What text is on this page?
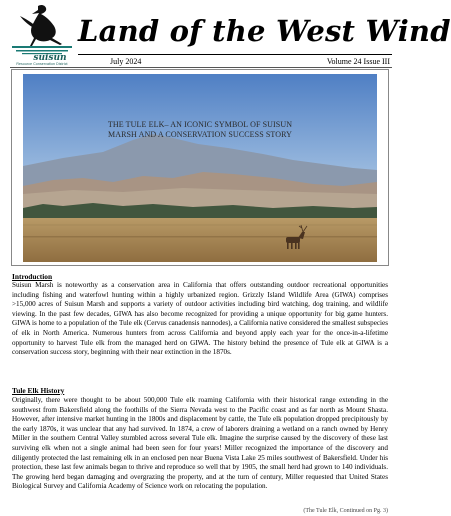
suisun
Resource Conservation District
Land of the West Wind
July 2024	Volume 24 Issue III
THE TULE ELK– AN ICONIC SYMBOL OF SUISUN
MARSH AND A CONSERVATION SUCCESS STORY
Introduction

Suisun Marsh is noteworthy as a conservation area in California that offers outstanding outdoor recreational opportunities including fishing and waterfowl hunting within a highly urbanized region. Grizzly Island Wildlife Area (GIWA) comprises >15,000 acres of Suisun Marsh and supports a variety of outdoor activities including bird watching, dog training, and wildlife viewing. In the past few decades, GIWA has also become recognized for providing a unique opportunity for big game hunters. GIWA is home to a population of the Tule elk (Cervus canadensis nannodes), a California native considered the smallest subspecies of elk in North America. Numerous hunters from across California and beyond apply each year for the once-in-a-lifetime opportunity to harvest Tule elk from the managed herd on GIWA. The history behind the presence of Tule elk at GIWA is a conservation success story, beginning with their near extinction in the 1870s.

Tule Elk History

Originally, there were thought to be about 500,000 Tule elk roaming California with their historical range extending in the southwest from Bakersfield along the foothills of the Sierra Nevada west to the Pacific coast and as far north as Mount Shasta. However, after intensive market hunting in the 1800s and displacement by cattle, the Tule elk population dropped precipitously by the early 1870s, it was unclear that any had survived. In 1874, a crew of laborers draining a wetland on a ranch owned by Henry Miller in the southern Central Valley stumbled across several Tule elk. Imagine the surprise caused by the discovery of these last surviving elk when not a single animal had been seen for four years! Miller recognized the importance of the discovery and diligently protected the last remaining elk in an enclosed pen near Buena Vista Lake 25 miles southwest of Bakersfield. Under his protection, these last few animals began to thrive and reproduce so well that by 1905, the small herd had grown to 140 individuals. The growing herd began damaging and overgrazing the property, and at the turn of century, Miller requested that United States Biological Survey and California Academy of Science work on relocating the population.

(The Tule Elk, Continued on Pg. 3)
